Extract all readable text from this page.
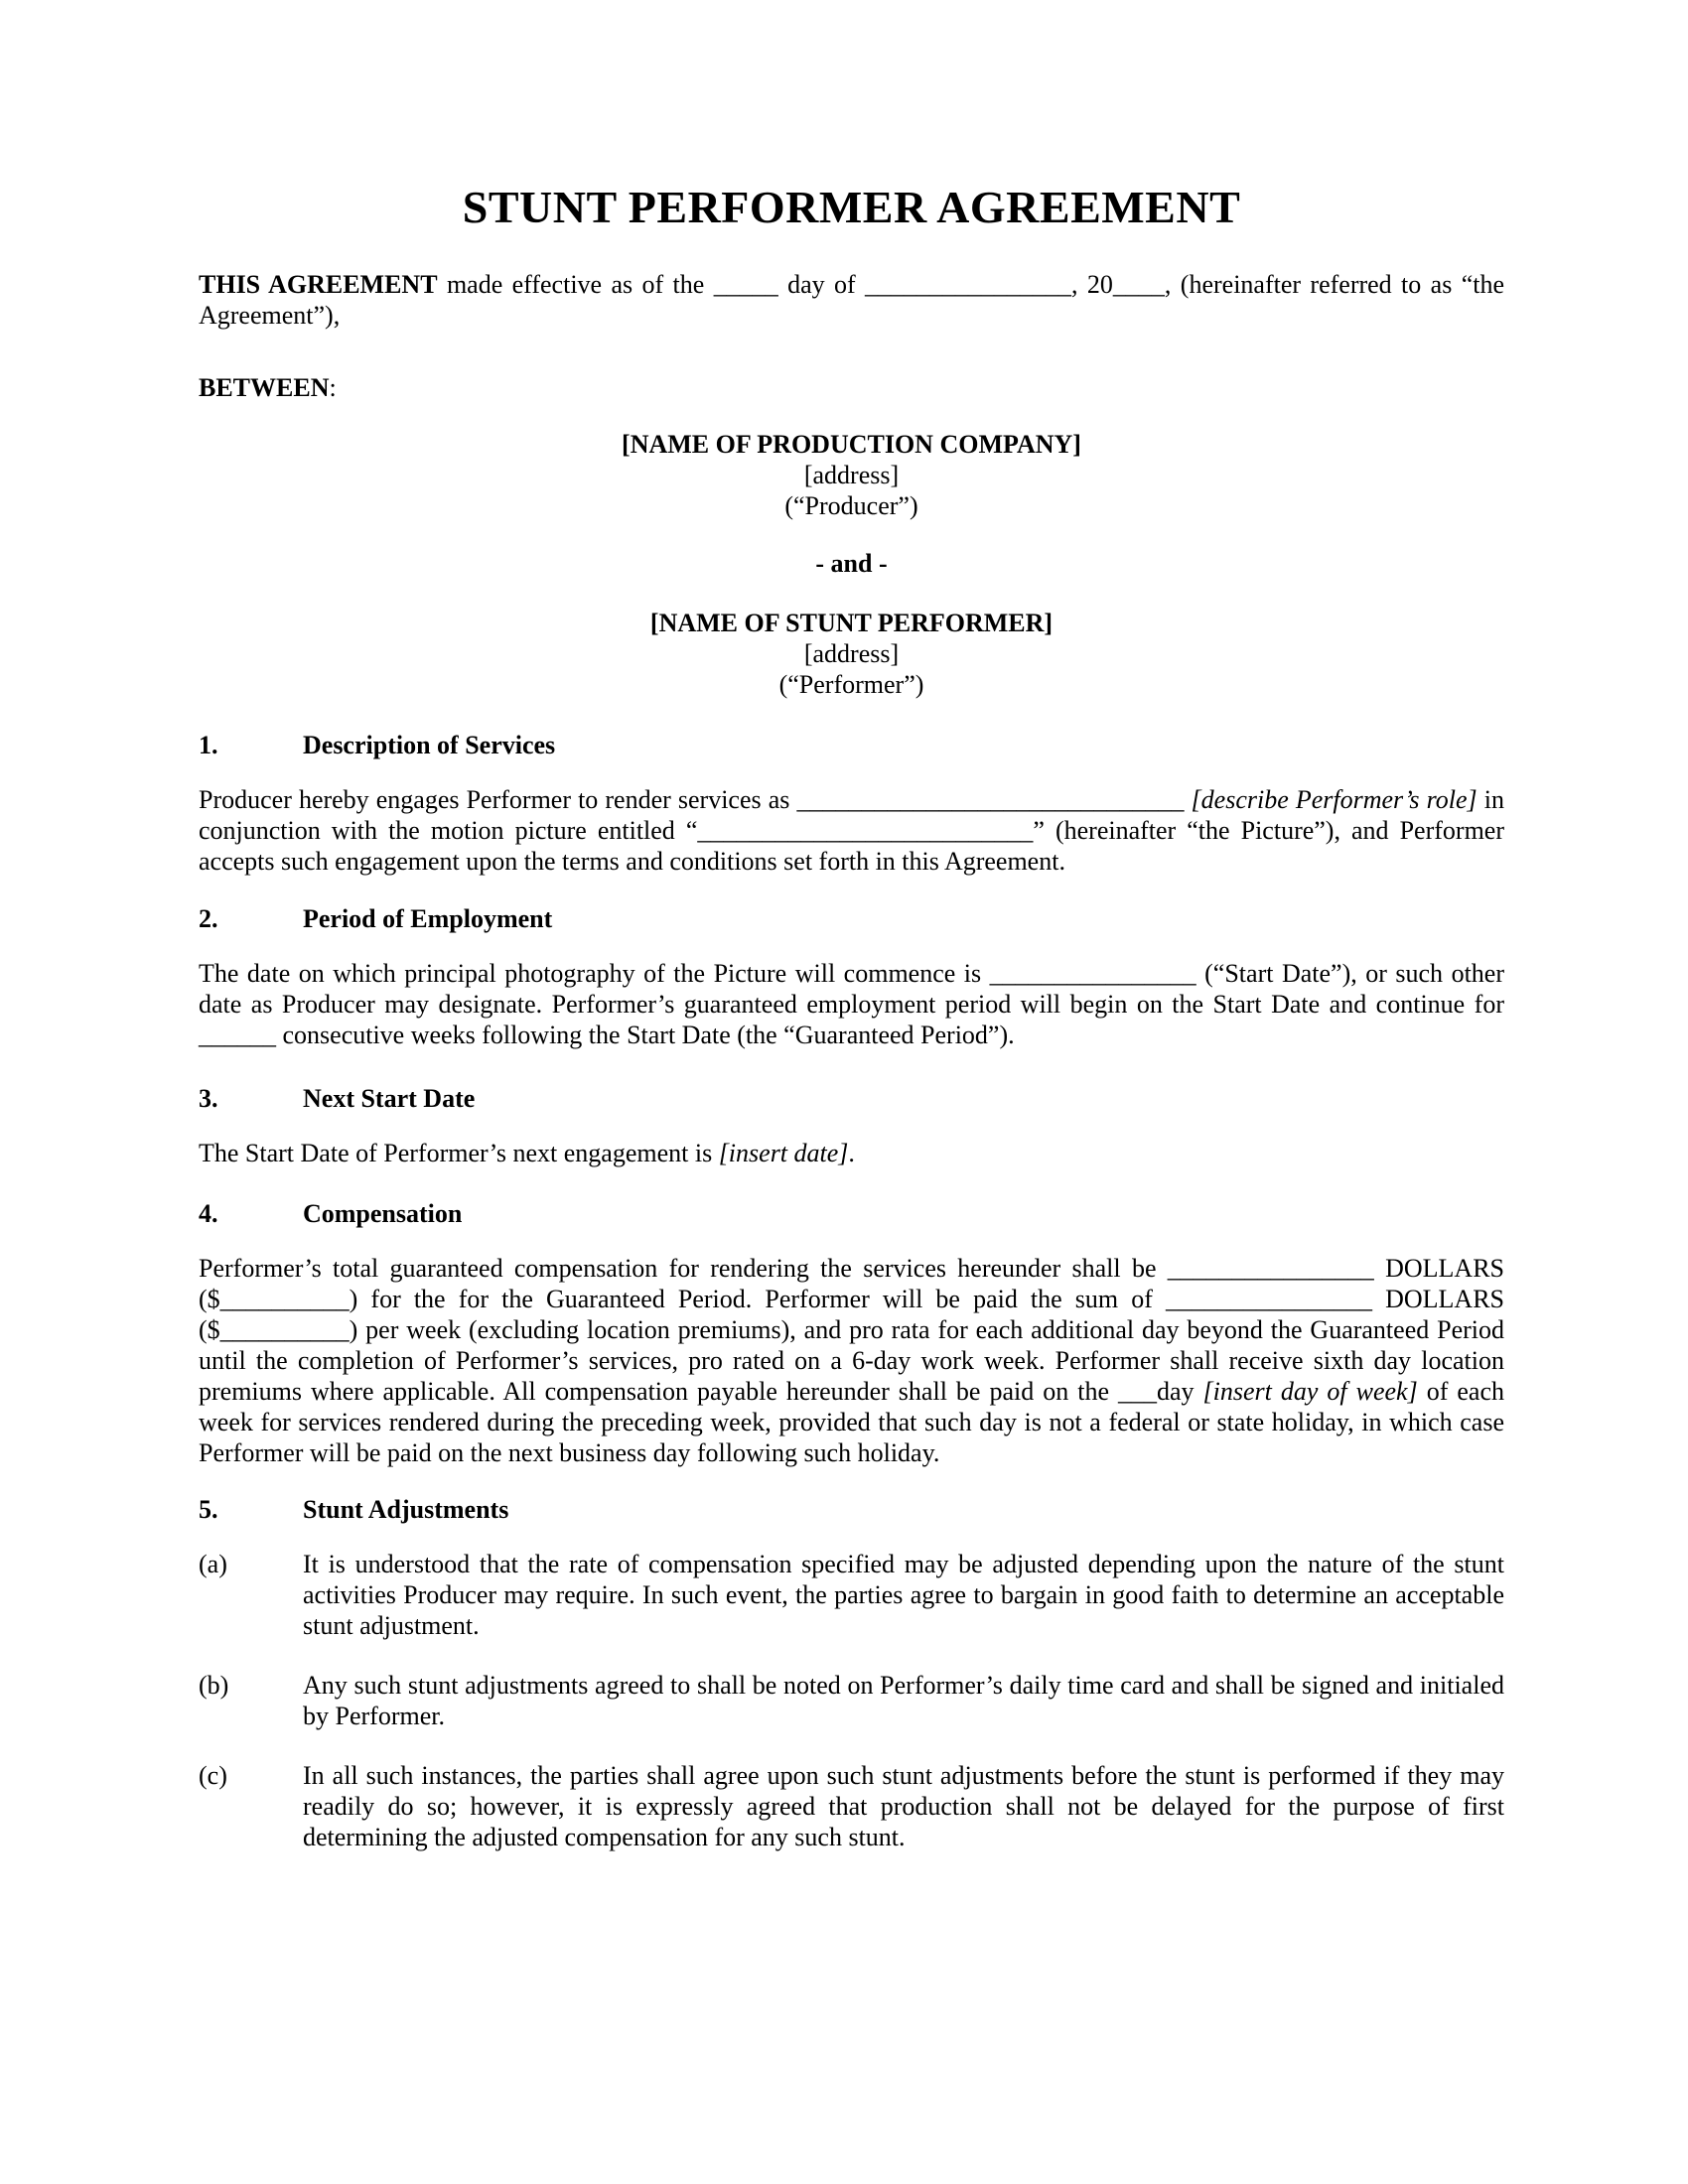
STUNT PERFORMER AGREEMENT

THIS AGREEMENT made effective as of the _____ day of ________________, 20____, (hereinafter referred to as “the Agreement”),

BETWEEN:

[NAME OF PRODUCTION COMPANY]
[address]
(“Producer”)
- and -
[NAME OF STUNT PERFORMER]
[address]
(“Performer”)
1.	Description of Services

Producer hereby engages Performer to render services as ______________________________ [describe Performer’s role] in conjunction with the motion picture entitled “__________________________” (hereinafter “the Picture”), and Performer accepts such engagement upon the terms and conditions set forth in this Agreement.

2.	Period of Employment

The date on which principal photography of the Picture will commence is ________________ (“Start Date”), or such other date as Producer may designate. Performer’s guaranteed employment period will begin on the Start Date and continue for ______ consecutive weeks following the Start Date (the “Guaranteed Period”).

3.	Next Start Date

The Start Date of Performer’s next engagement is [insert date].

4.	Compensation

Performer’s total guaranteed compensation for rendering the services hereunder shall be ________________ DOLLARS ($__________) for the for the Guaranteed Period. Performer will be paid the sum of ________________ DOLLARS ($__________) per week (excluding location premiums), and pro rata for each additional day beyond the Guaranteed Period until the completion of Performer’s services, pro rated on a 6-day work week. Performer shall receive sixth day location premiums where applicable. All compensation payable hereunder shall be paid on the ___day [insert day of week] of each week for services rendered during the preceding week, provided that such day is not a federal or state holiday, in which case Performer will be paid on the next business day following such holiday.

5.	Stunt Adjustments
(a)	It is understood that the rate of compensation specified may be adjusted depending upon the nature of the stunt activities Producer may require. In such event, the parties agree to bargain in good faith to determine an acceptable stunt adjustment.
(b)	Any such stunt adjustments agreed to shall be noted on Performer’s daily time card and shall be signed and initialed by Performer.
(c)	In all such instances, the parties shall agree upon such stunt adjustments before the stunt is performed if they may readily do so; however, it is expressly agreed that production shall not be delayed for the purpose of first determining the adjusted compensation for any such stunt.
